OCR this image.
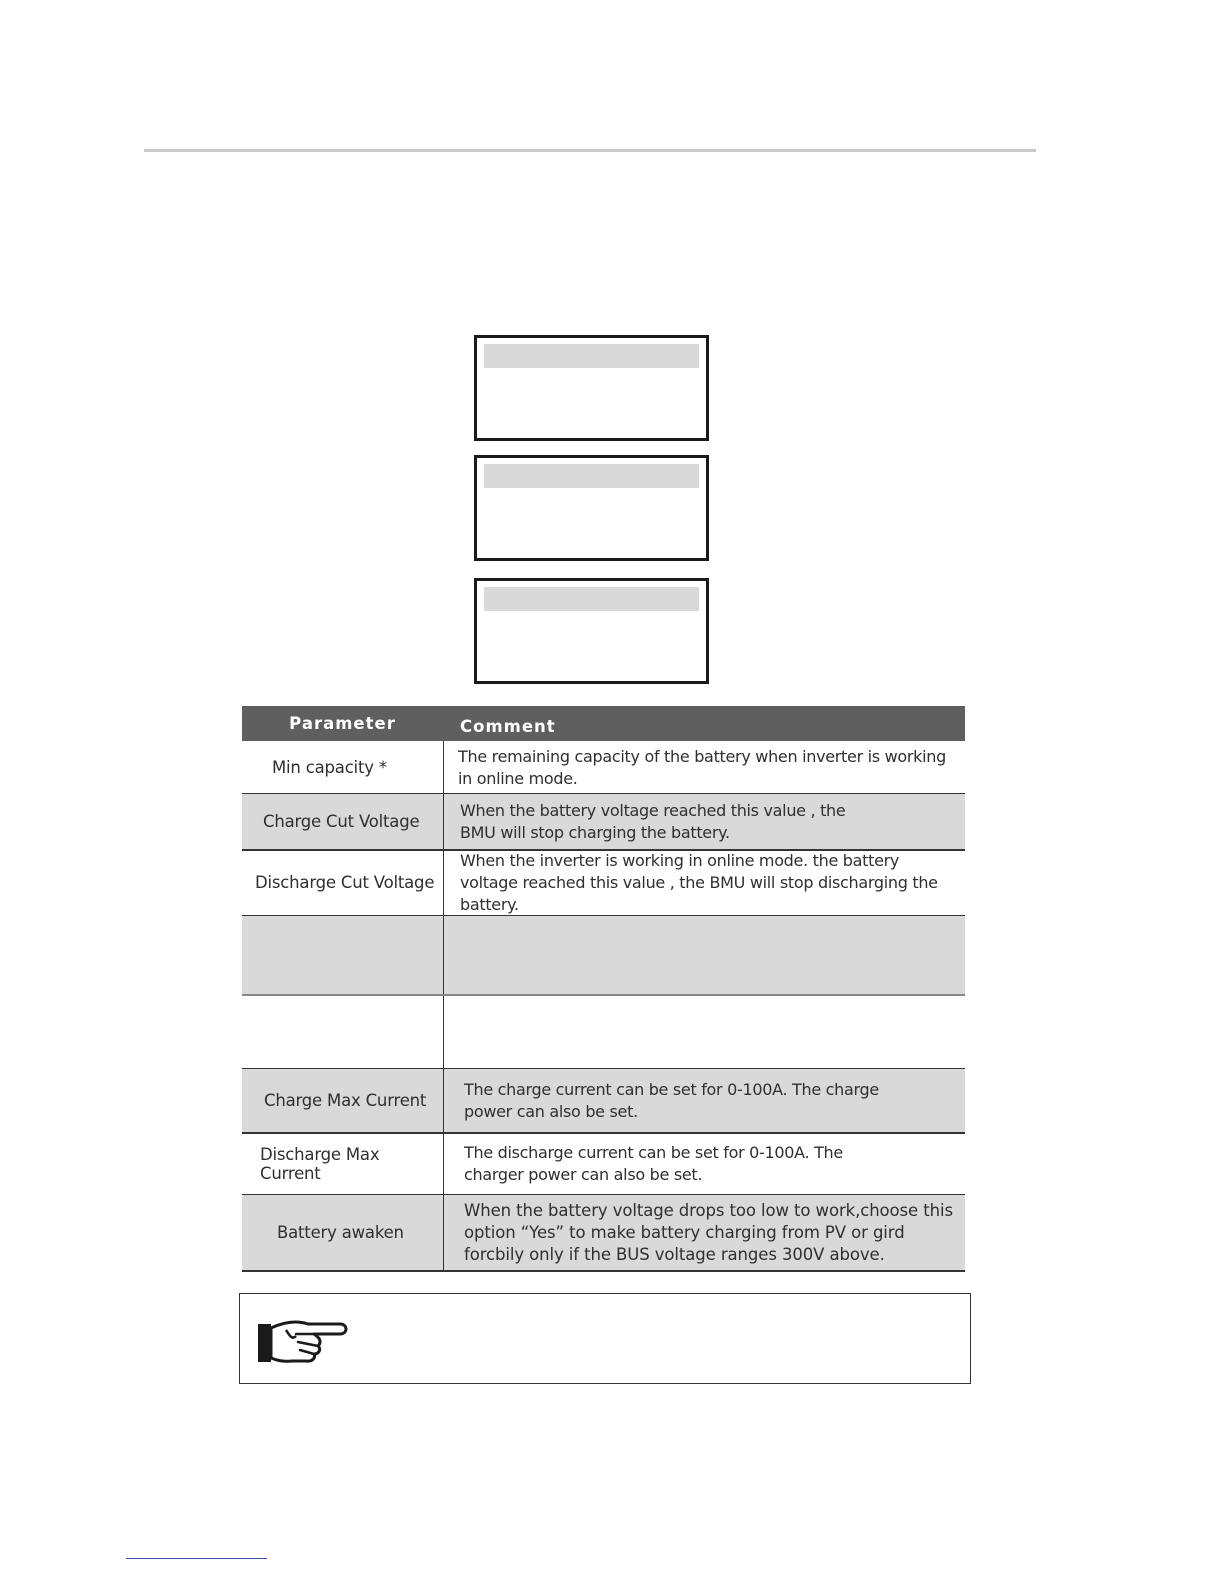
Parameter	Comment
Min capacity *
The remaining capacity of the battery when inverter is working in online mode.
Charge Cut Voltage
When the battery voltage reached this value , the BMU will stop charging the battery.
Discharge Cut Voltage
When the inverter is working in online mode. the battery voltage reached this value , the BMU will stop discharging the battery.
Charge Max Current
The charge current can be set for 0-100A. The charge power can also be set.
Discharge Max Current
The discharge current can be set for 0-100A. The charger power can also be set.
Battery awaken
When the battery voltage drops too low to work,choose this option “Yes” to make battery charging from PV or gird forcbily only if the BUS voltage ranges 300V above.
